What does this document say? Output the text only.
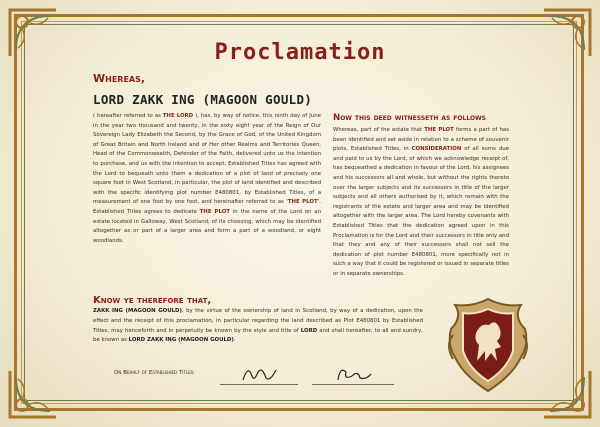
Proclamation
Whereas,
LORD ZAKK ING (MAGOON GOULD)
( hereafter referred to as THE LORD ), has, by way of notice, this ninth day of June in the year two thousand and twenty, in the sixty eight year of the Reign of Our Sovereign Lady Elizabeth the Second, by the Grace of God, of the United Kingdom of Great Britain and North Ireland and of Her other Realms and Territories Queen, Head of the Commonwealth, Defender of the Faith, delivered unto us the intention to purchase, and us with the intention to accept, Established Titles has agreed with the Lord to bequeath unto them a dedication of a plot of land of precisely one square foot in West Scotland, in particular, the plot of land identified and described with the specific identifying plot number E480801, by Established Titles, of a measurement of one foot by one foot, and hereinafter referred to as 'THE PLOT'. Established Titles agrees to dedicate THE PLOT in the name of the Lord on an estate located in Galloway, West Scotland, of its choosing, which may be identified altogether as or part of a larger area and form a part of a woodland, or eight woodlands.
Now this deed witnesseth as follows
Whereas, part of the estate that THE PLOT forms a part of has been identified and set aside in relation to a scheme of souvenir plots, Established Titles, in CONSIDERATION of all sums due and paid to us by the Lord, of which we acknowledge receipt of, has bequeathed a dedication in favour of the Lord, his assignees and his successors all and whole, but without the rights thereto over the larger subjects and its successors in title of the larger subjects and all others authorised by it, which remain with the registrants of the estate and larger area and may be identified altogether with the larger area. The Lord hereby covenants with Established Titles that the dedication agreed upon in this Proclamation is for the Lord and their successors in title only and that they and any of their successors shall not sell the dedication of plot number E480801, more specifically not in such a way that it could be registered or issued in separate titles or in separate ownerships.
Know ye therefore that,
ZAKK ING (MAGOON GOULD), by the virtue of the ownership of land in Scotland, by way of a dedication, upon the effect and the receipt of this proclamation, in particular regarding the land described as Plot E480801 by Established Titles, may henceforth and in perpetuity be known by the style and title of LORD and shall hereafter, to all and sundry, be known as LORD ZAKK ING (MAGOON GOULD).
On Behalf of Established Titles:
